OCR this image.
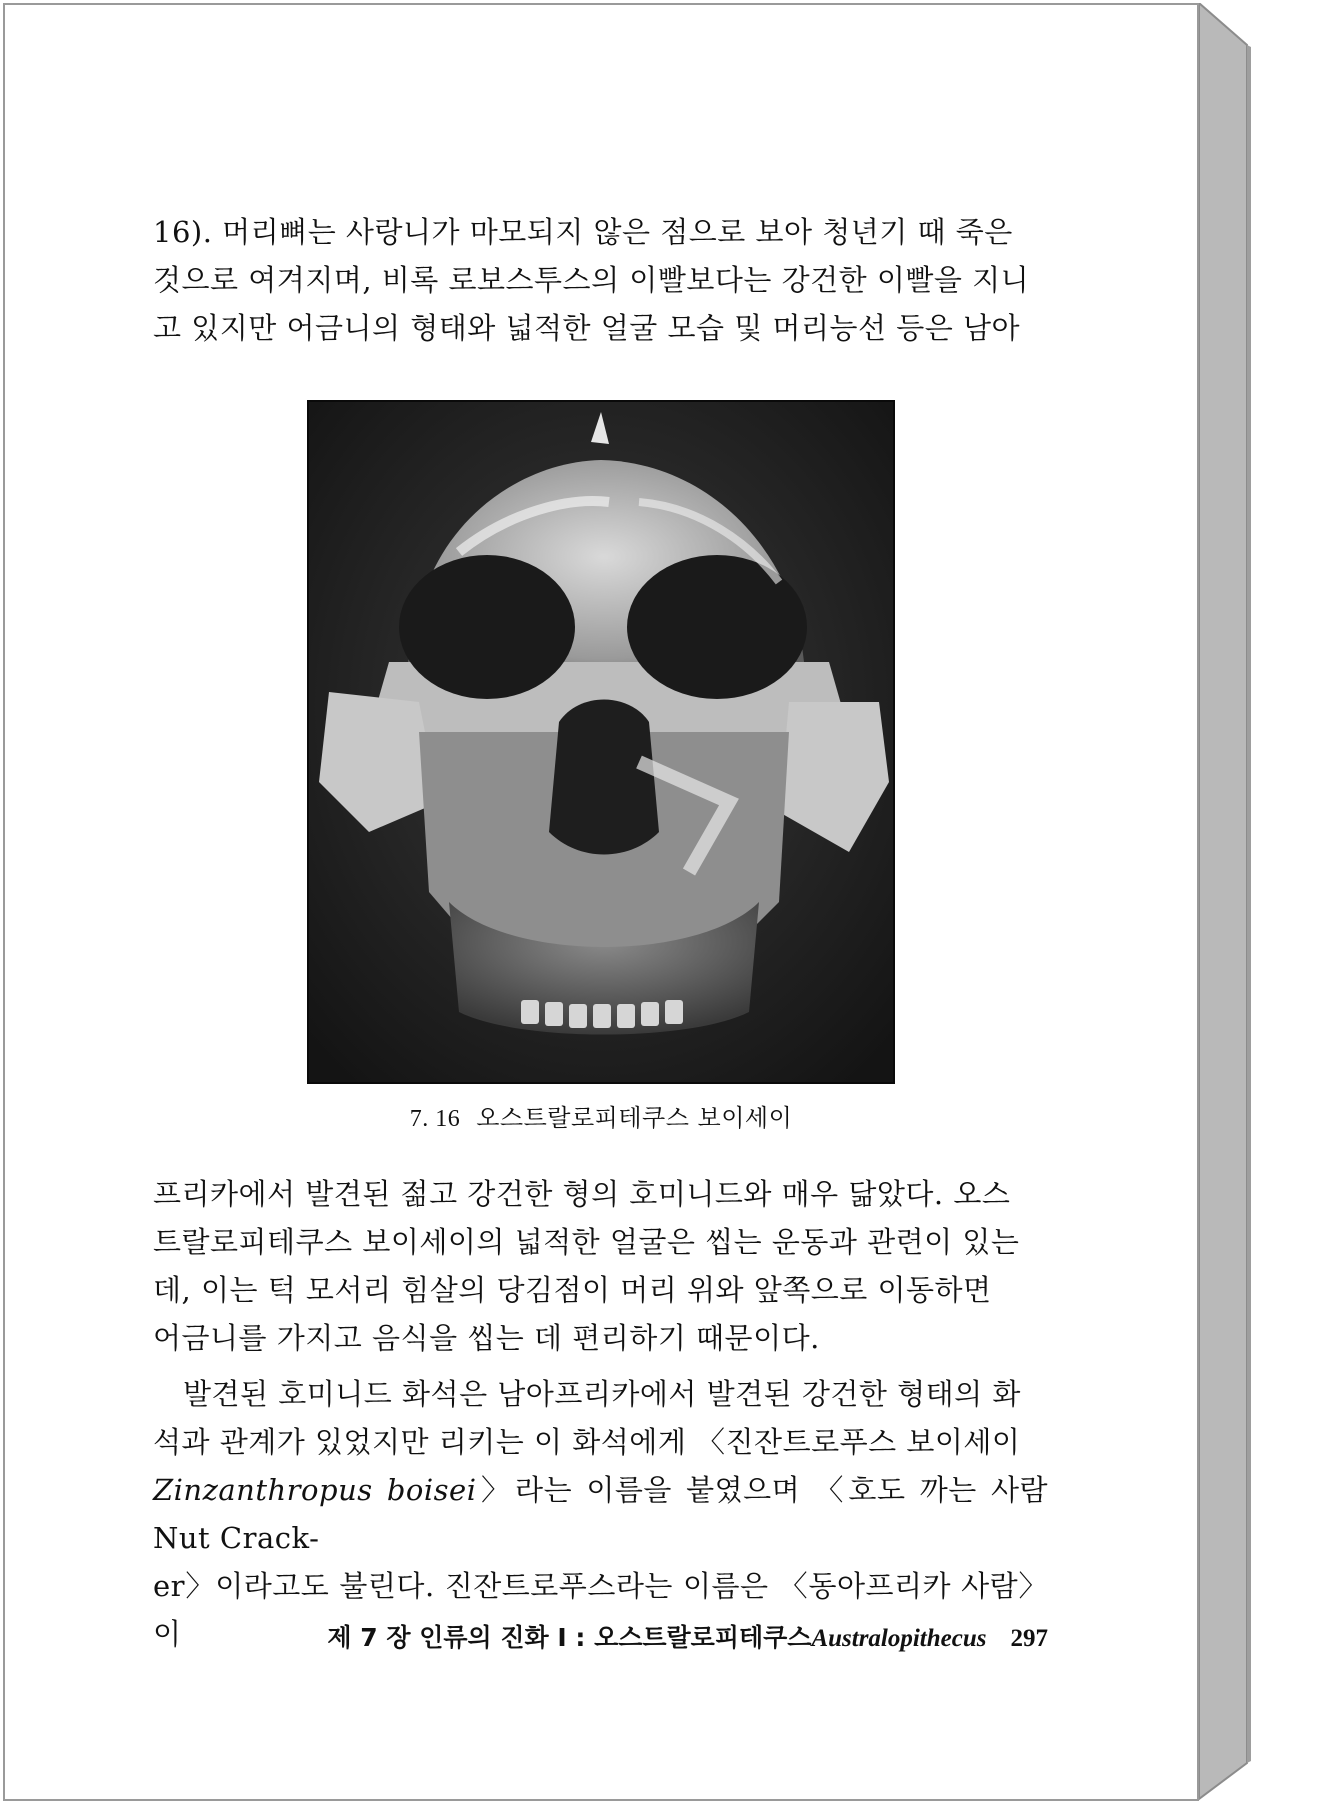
16). 머리뼈는 사랑니가 마모되지 않은 점으로 보아 청년기 때 죽은

것으로 여겨지며, 비록 로보스투스의 이빨보다는 강건한 이빨을 지니

고 있지만 어금니의 형태와 넓적한 얼굴 모습 및 머리능선 등은 남아

7. 16 오스트랄로피테쿠스 보이세이

프리카에서 발견된 젊고 강건한 형의 호미니드와 매우 닮았다. 오스

트랄로피테쿠스 보이세이의 넓적한 얼굴은 씹는 운동과 관련이 있는

데, 이는 턱 모서리 힘살의 당김점이 머리 위와 앞쪽으로 이동하면

어금니를 가지고 음식을 씹는 데 편리하기 때문이다.

발견된 호미니드 화석은 남아프리카에서 발견된 강건한 형태의 화

석과 관계가 있었지만 리키는 이 화석에게 〈진잔트로푸스 보이세이

Zinzanthropus boisei〉라는 이름을 붙였으며 〈호도 까는 사람Nut Crack-

er〉이라고도 불린다. 진잔트로푸스라는 이름은 〈동아프리카 사람〉이	제 7 장 인류의 진화 Ⅰ : 오스트랄로피테쿠스Australopithecus 297
